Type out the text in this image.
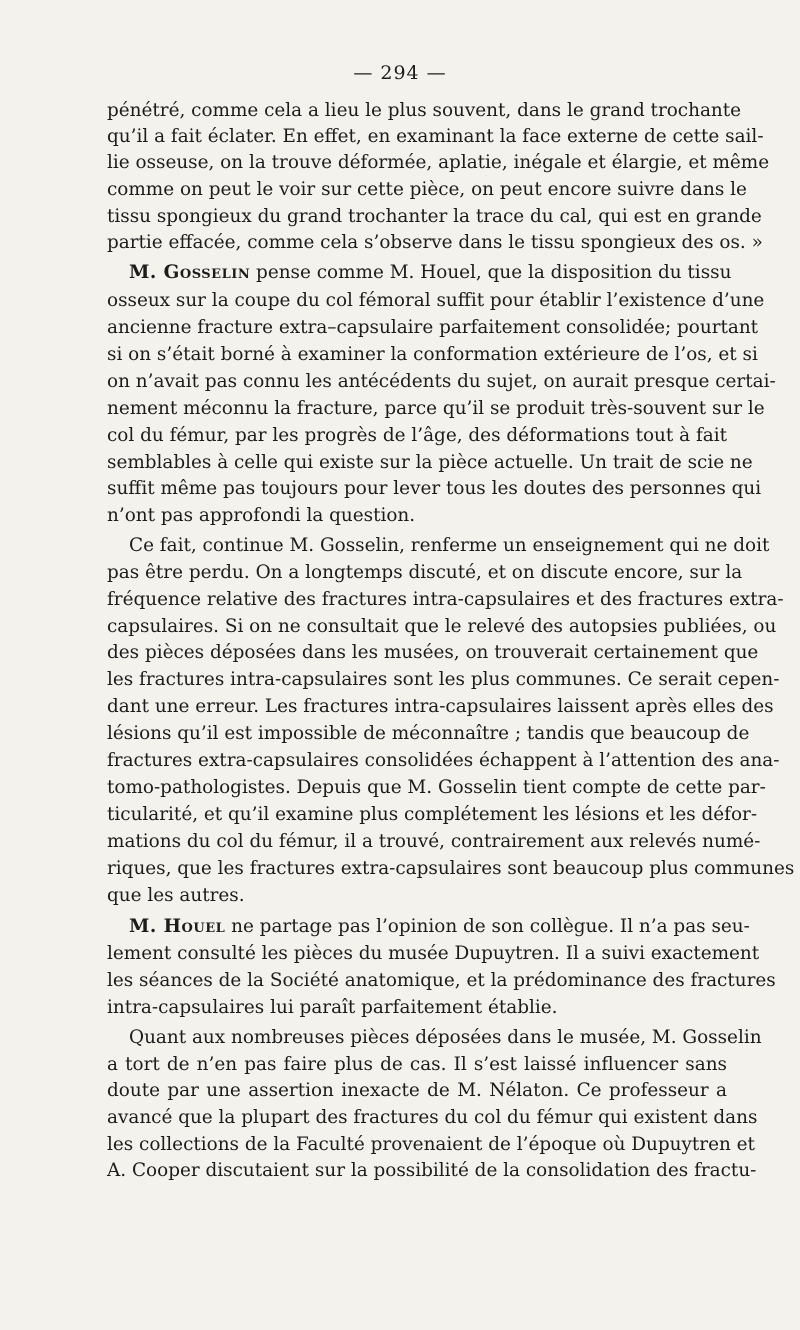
— 294 —
pénétré, comme cela a lieu le plus souvent, dans le grand trochante
qu’il a fait éclater. En effet, en examinant la face externe de cette sail-
lie osseuse, on la trouve déformée, aplatie, inégale et élargie, et même
comme on peut le voir sur cette pièce, on peut encore suivre dans le
tissu spongieux du grand trochanter la trace du cal, qui est en grande
partie effacée, comme cela s’observe dans le tissu spongieux des os. »
M. Gosselin pense comme M. Houel, que la disposition du tissu
osseux sur la coupe du col fémoral suffit pour établir l’existence d’une
ancienne fracture extra–capsulaire parfaitement consolidée; pourtant
si on s’était borné à examiner la conformation extérieure de l’os, et si
on n’avait pas connu les antécédents du sujet, on aurait presque certai-
nement méconnu la fracture, parce qu’il se produit très-souvent sur le
col du fémur, par les progrès de l’âge, des déformations tout à fait
semblables à celle qui existe sur la pièce actuelle. Un trait de scie ne
suffit même pas toujours pour lever tous les doutes des personnes qui
n’ont pas approfondi la question.
Ce fait, continue M. Gosselin, renferme un enseignement qui ne doit
pas être perdu. On a longtemps discuté, et on discute encore, sur la
fréquence relative des fractures intra-capsulaires et des fractures extra-
capsulaires. Si on ne consultait que le relevé des autopsies publiées, ou
des pièces déposées dans les musées, on trouverait certainement que
les fractures intra-capsulaires sont les plus communes. Ce serait cepen-
dant une erreur. Les fractures intra-capsulaires laissent après elles des
lésions qu’il est impossible de méconnaître ; tandis que beaucoup de
fractures extra-capsulaires consolidées échappent à l’attention des ana-
tomo-pathologistes. Depuis que M. Gosselin tient compte de cette par-
ticularité, et qu’il examine plus complétement les lésions et les défor-
mations du col du fémur, il a trouvé, contrairement aux relevés numé-
riques, que les fractures extra-capsulaires sont beaucoup plus communes
que les autres.
M. Houel ne partage pas l’opinion de son collègue. Il n’a pas seu-
lement consulté les pièces du musée Dupuytren. Il a suivi exactement
les séances de la Société anatomique, et la prédominance des fractures
intra-capsulaires lui paraît parfaitement établie.
Quant aux nombreuses pièces déposées dans le musée, M. Gosselin
a tort de n’en pas faire plus de cas. Il s’est laissé influencer sans
doute par une assertion inexacte de M. Nélaton. Ce professeur a
avancé que la plupart des fractures du col du fémur qui existent dans
les collections de la Faculté provenaient de l’époque où Dupuytren et
A. Cooper discutaient sur la possibilité de la consolidation des fractu-
